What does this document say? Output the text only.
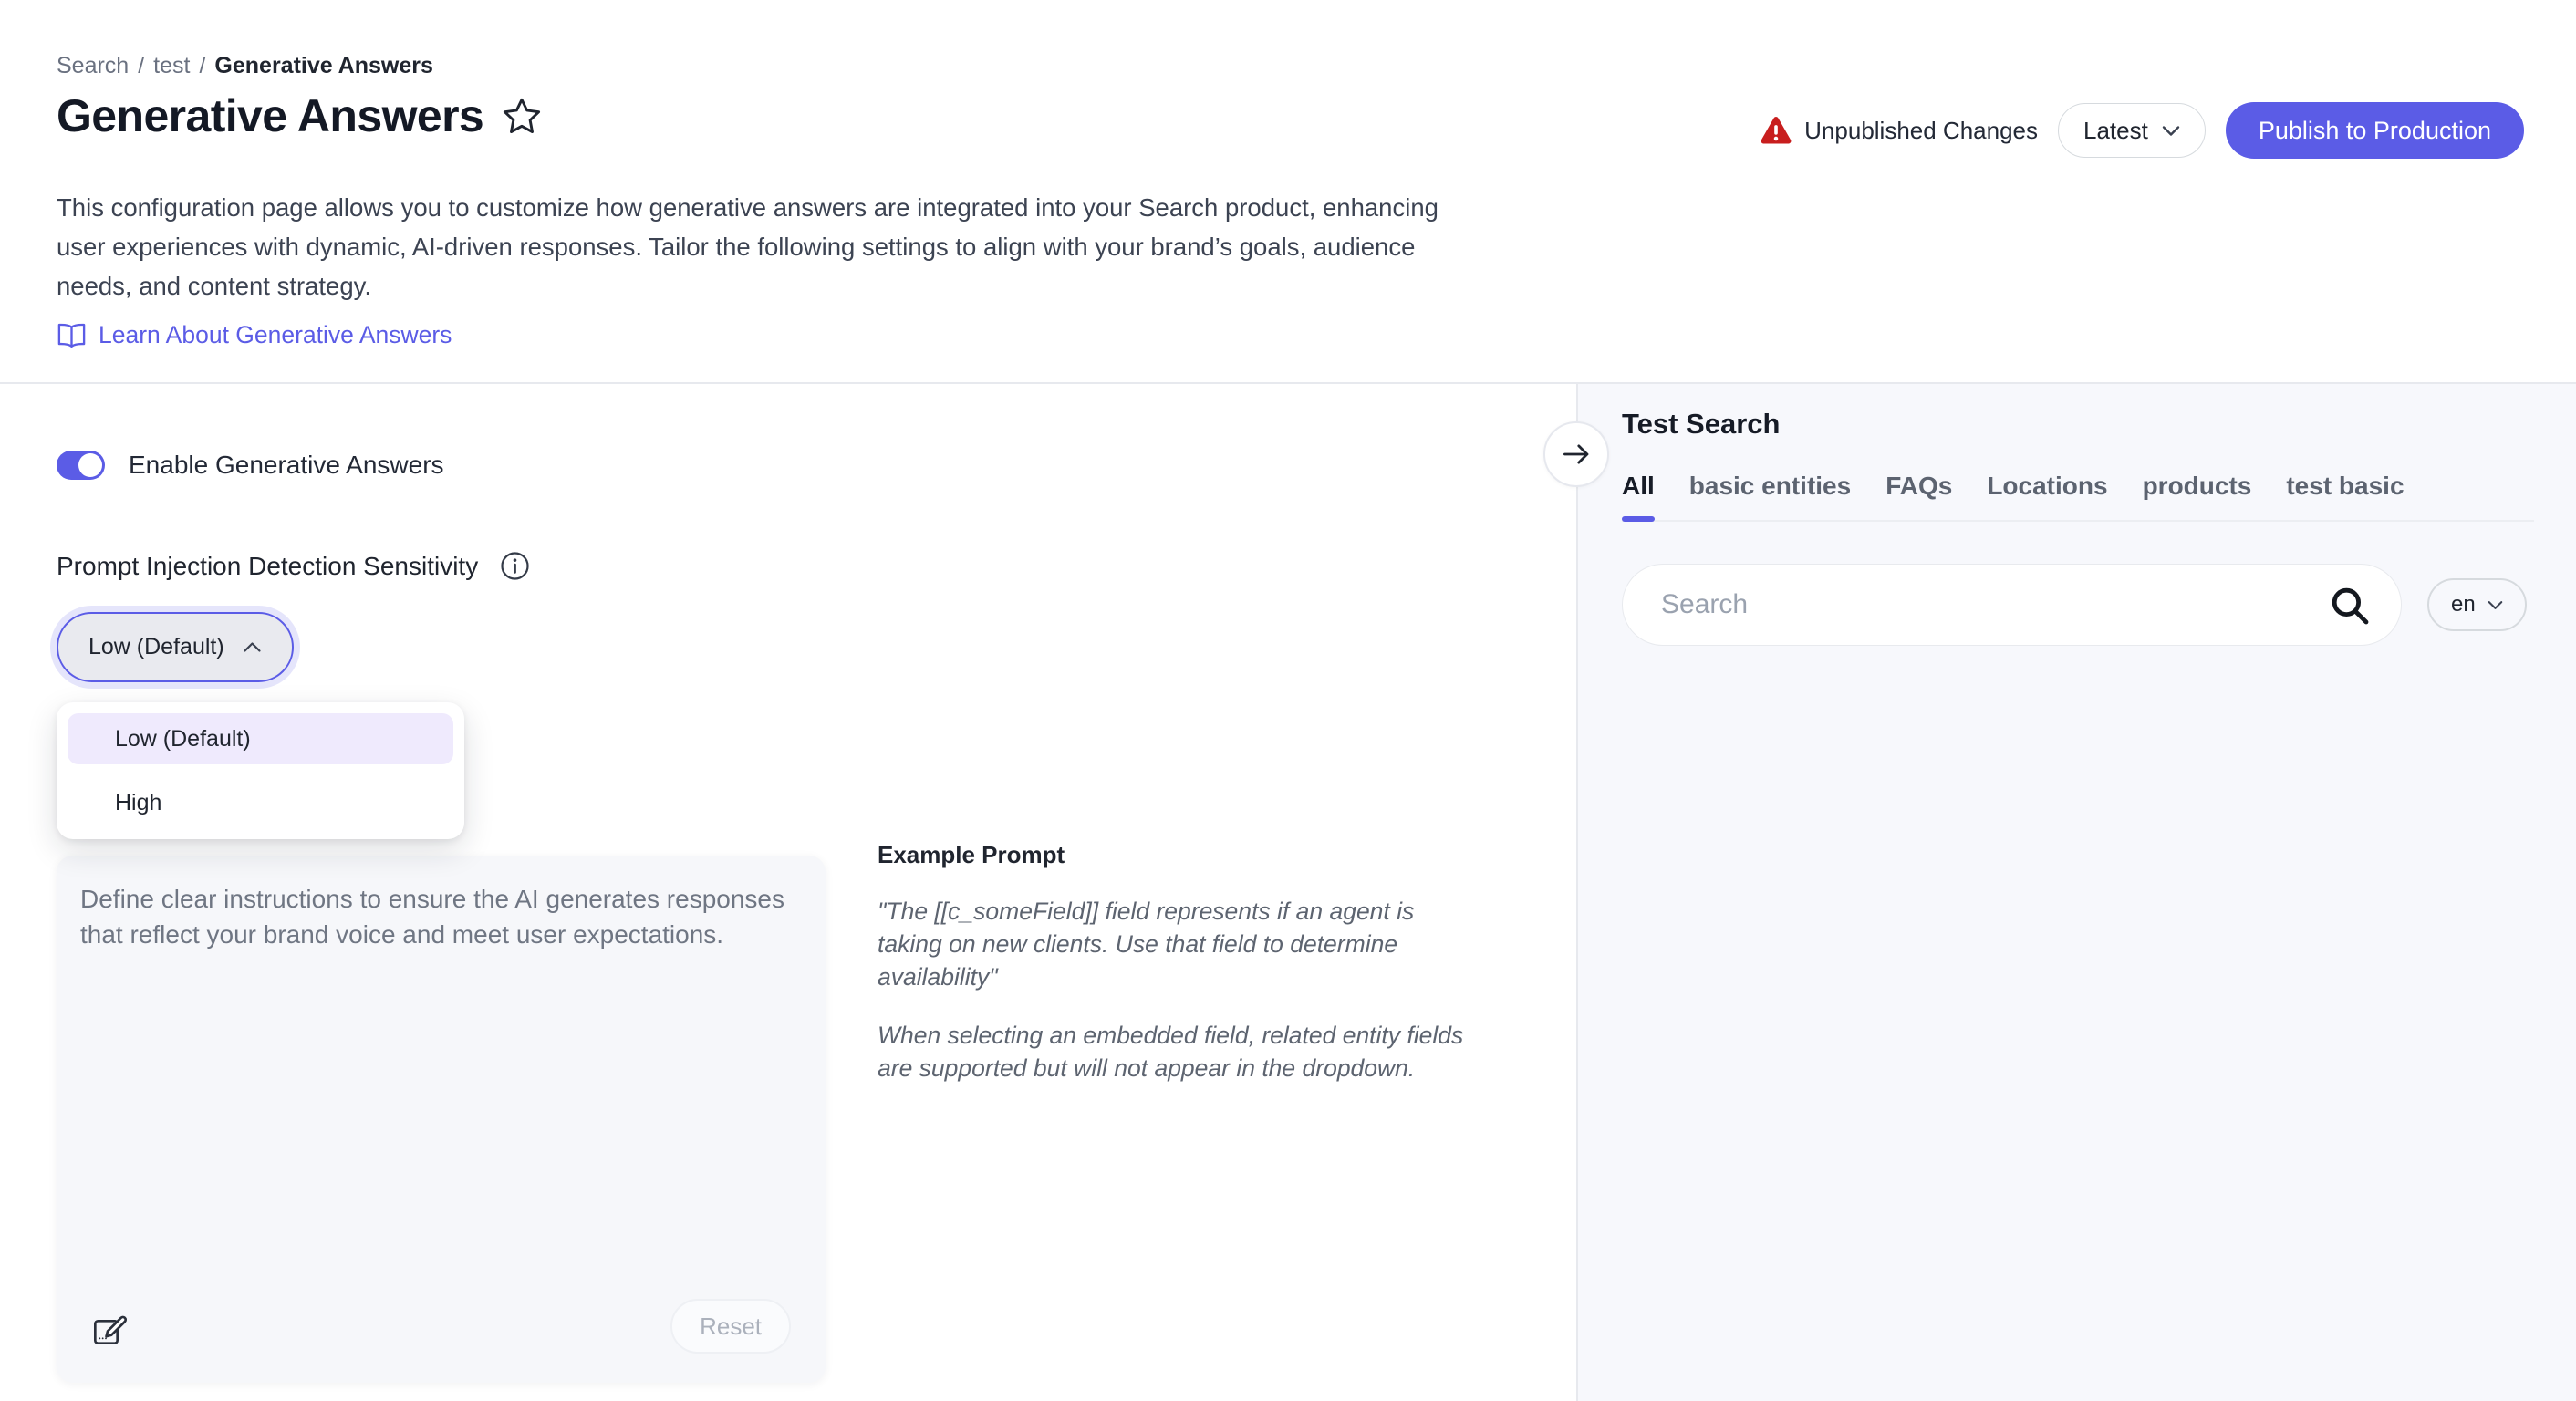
Search / test / Generative Answers
Generative Answers	Unpublished Changes Latest	Publish to Production

This configuration page allows you to customize how generative answers are integrated into your Search product, enhancing user experiences with dynamic, AI-driven responses. Tailor the following settings to align with your brand’s goals, audience needs, and content strategy.

Learn About Generative Answers
Enable Generative Answers
Prompt Injection Detection Sensitivity
Low (Default)
Low (Default)
High
Define clear instructions to ensure the AI generates responses that reflect your brand voice and meet user expectations.
Reset
Example Prompt

"The [[c_someField]] field represents if an agent is taking on new clients. Use that field to determine availability"

When selecting an embedded field, related entity fields are supported but will not appear in the dropdown.

Test Search
All basic entities FAQs Locations products test basic
Search
en
